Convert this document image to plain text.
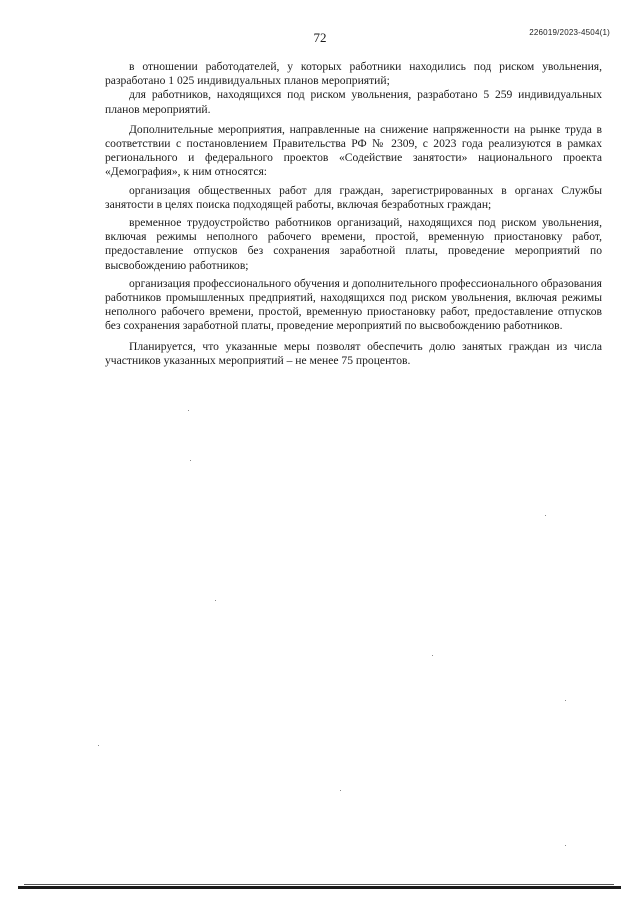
226019/2023-4504(1)
72

в отношении работодателей, у которых работники находились под риском увольнения, разработано 1 025 индивидуальных планов мероприятий;

для работников, находящихся под риском увольнения, разработано 5 259 индивидуальных планов мероприятий.

Дополнительные мероприятия, направленные на снижение напряженности на рынке труда в соответствии с постановлением Правительства РФ № 2309, с 2023 года реализуются в рамках регионального и федерального проектов «Содействие занятости» национального проекта «Демография», к ним относятся:

организация общественных работ для граждан, зарегистрированных в органах Службы занятости в целях поиска подходящей работы, включая безработных граждан;

временное трудоустройство работников организаций, находящихся под риском увольнения, включая режимы неполного рабочего времени, простой, временную приостановку работ, предоставление отпусков без сохранения заработной платы, проведение мероприятий по высвобождению работников;

организация профессионального обучения и дополнительного профессионального образования работников промышленных предприятий, находящихся под риском увольнения, включая режимы неполного рабочего времени, простой, временную приостановку работ, предоставление отпусков без сохранения заработной платы, проведение мероприятий по высвобождению работников.

Планируется, что указанные меры позволят обеспечить долю занятых граждан из числа участников указанных мероприятий – не менее 75 процентов.
